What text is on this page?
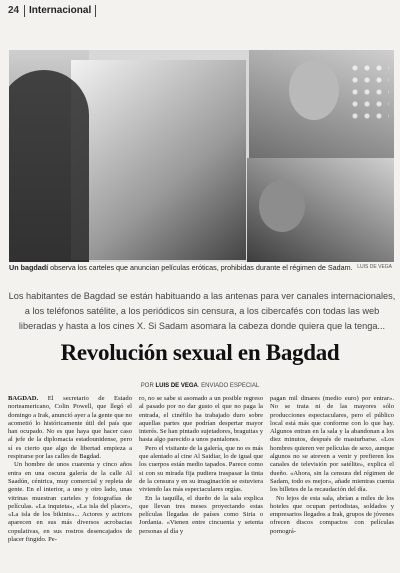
24 Internacional
Un bagdadí observa los carteles que anuncian películas eróticas, prohibidas durante el régimen de Sadam. LUIS DE VEGA
Los habitantes de Bagdad se están habituando a las antenas para ver canales internacionales, a los teléfonos satélite, a los periódicos sin censura, a los cibercafés con todas las web liberadas y hasta a los cines X. Si Sadam asomara la cabeza donde quiera que la tenga...
Revolución sexual en Bagdad
POR LUIS DE VEGA. ENVIADO ESPECIAL

BAGDAD. El secretario de Estado norteamericano, Colin Powell, que llegó el domingo a Irak, anunció ayer a la gente que no acometió lo históricamente útil del país que han ocupado. No es que haya que hacer caso al jefe de la diplomacia estadounidense, pero sí es cierto que algo de libertad empieza a respirarse por las calles de Bagdad.

Un hombre de unos cuarenta y cinco años entra en una oscura galería de la calle Al Saadún, céntrica, muy comercial y repleta de gente. En el interior, a uno y otro lado, unas vitrinas muestran carteles y fotografías de películas. «La inquieta», «La isla del placer», «La isla de los bikinis»... Actores y actrices aparecen en sus más diversos acrobacias copulativas, en sus rostros desencajados de placer fingido. Pe-

ro, no se sabe si asomado a un posible regreso al pasado por no dar gusto el que no paga la entrada, el cinéfilo ha trabajado duro sobre aquellas partes que podrían despertar mayor interés. Se han pintado sujetadores, braguitas y hasta algo parecido a unos pantalones.

Pero el visitante de la galería, que no es más que alentado al cine Al Saidiar, lo de igual que los cuerpos están medio tapados. Parece como si con su mirada fija pudiera traspasar la tinta de la censura y en su imaginación se estuviera viviendo las más espectaculares orgías.

En la taquilla, el dueño de la sala explica que llevan tres meses proyectando estas películas llegadas de países como Siria o Jordania. «Vienen entre cincuenta y setenta personas al día y

pagan mil dinares (medio euro) por entrar». No se trata ni de las mayores sólo producciones espectaculares, pero el público local está más que conforme con lo que hay. Algunos entran en la sala y la abandonan a los diez minutos, después de masturbarse. «Los hombres quieren ver películas de sexo, aunque algunos no se atreven a venir y prefieren los canales de televisión por satélite», explica el dueño. «Ahora, sin la censura del régimen de Sadam, todo es mejor», añade mientras cuenta los billetes de la recaudación del día.

No lejos de esta sala, abrían a miles de los hoteles que ocupan periodistas, soldados y empresarios llegados a Irak, grupos de jóvenes ofrecen discos compactos con películas pornográ-
